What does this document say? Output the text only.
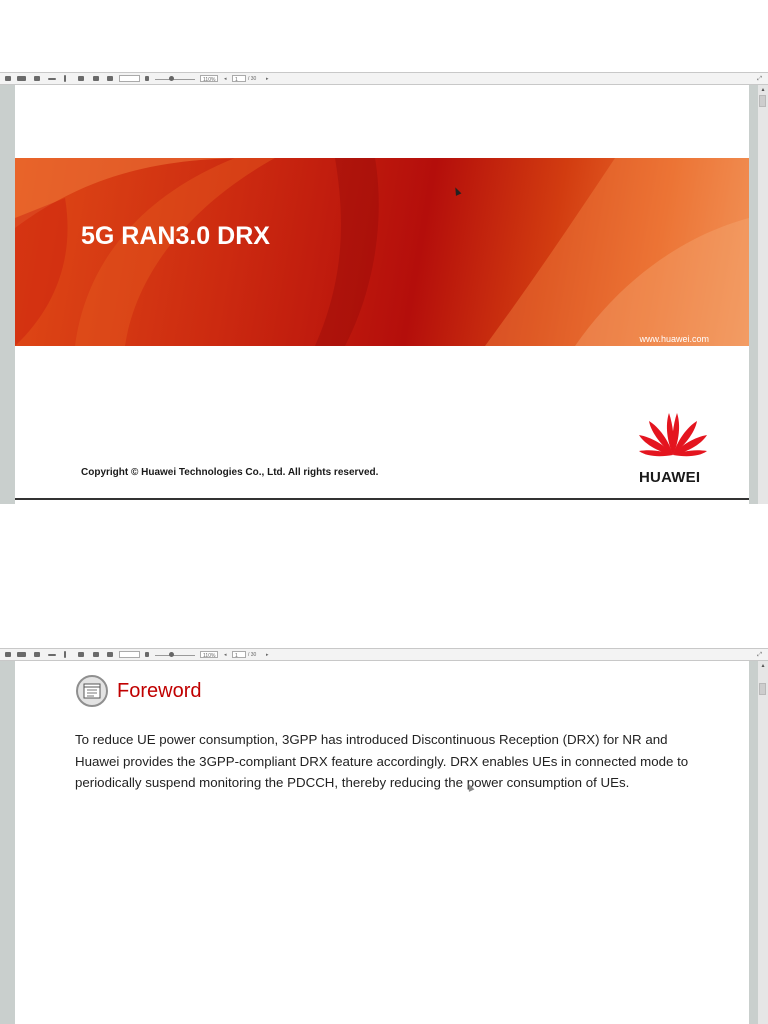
110%	◂	1	/ 30 ▸	⤢
▴
5G RAN3.0 DRX
www.huawei.com
Copyright © Huawei Technologies Co., Ltd. All rights reserved.	HUAWEI
110%	◂	1	/ 30 ▸	⤢
▴
Foreword
To reduce UE power consumption, 3GPP has introduced Discontinuous Reception (DRX) for NR and Huawei provides the 3GPP-compliant DRX feature accordingly. DRX enables UEs in connected mode to periodically suspend monitoring the PDCCH, thereby reducing the power consumption of UEs.
